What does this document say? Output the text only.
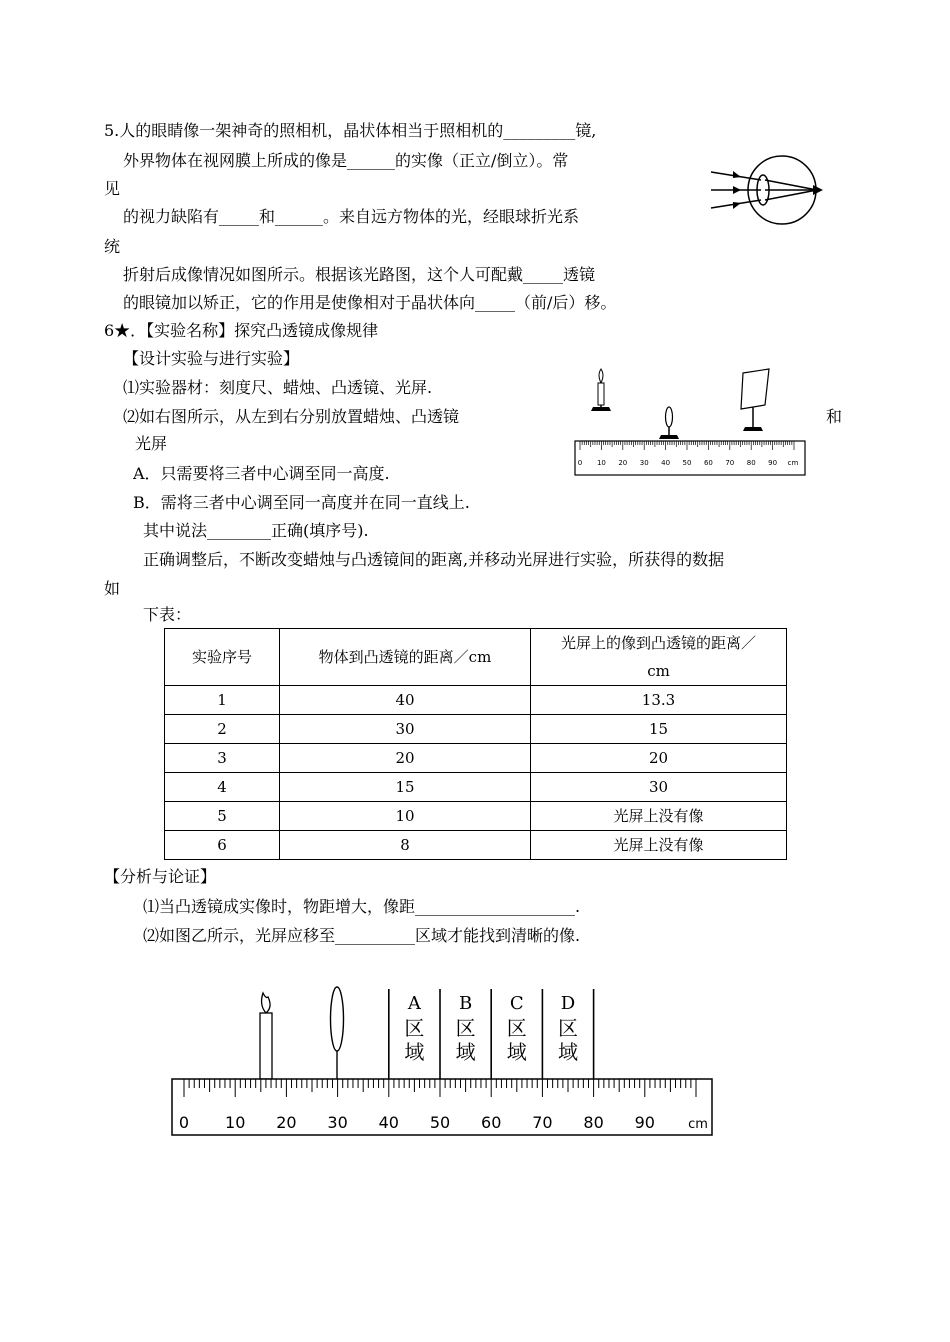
5.人的眼睛像一架神奇的照相机，晶状体相当于照相机的_________镜,
外界物体在视网膜上所成的像是______的实像（正立/倒立）。常
见
的视力缺陷有_____和______。来自远方物体的光，经眼球折光系
统
折射后成像情况如图所示。根据该光路图，这个人可配戴_____透镜
的眼镜加以矫正，它的作用是使像相对于晶状体向_____（前/后）移。
6★．【实验名称】探究凸透镜成像规律
【设计实验与进行实验】
⑴实验器材：刻度尺、蜡烛、凸透镜、光屏.
⑵如右图所示，从左到右分别放置蜡烛、凸透镜	和
光屏
A．只需要将三者中心调至同一高度.
B．需将三者中心调至同一高度并在同一直线上.
其中说法________正确(填序号).
正确调整后，不断改变蜡烛与凸透镜间的距离,并移动光屏进行实验，所获得的数据
如
下表：
0 10 20 30 40 50 60 70 80 90 cm
实验序号	物体到凸透镜的距离／cm	光屏上的像到凸透镜的距离／
cm

1	40	13.3
2	30	15
3	20	20
4	15	30
5	10	光屏上没有像
6	8	光屏上没有像
【分析与论证】
⑴当凸透镜成实像时，物距增大，像距____________________.
⑵如图乙所示，光屏应移至__________区域才能找到清晰的像.
A
区
域
B
区
域
C
区
域
D
区
域
0 10 20 30 40 50 60 70 80 90	cm
